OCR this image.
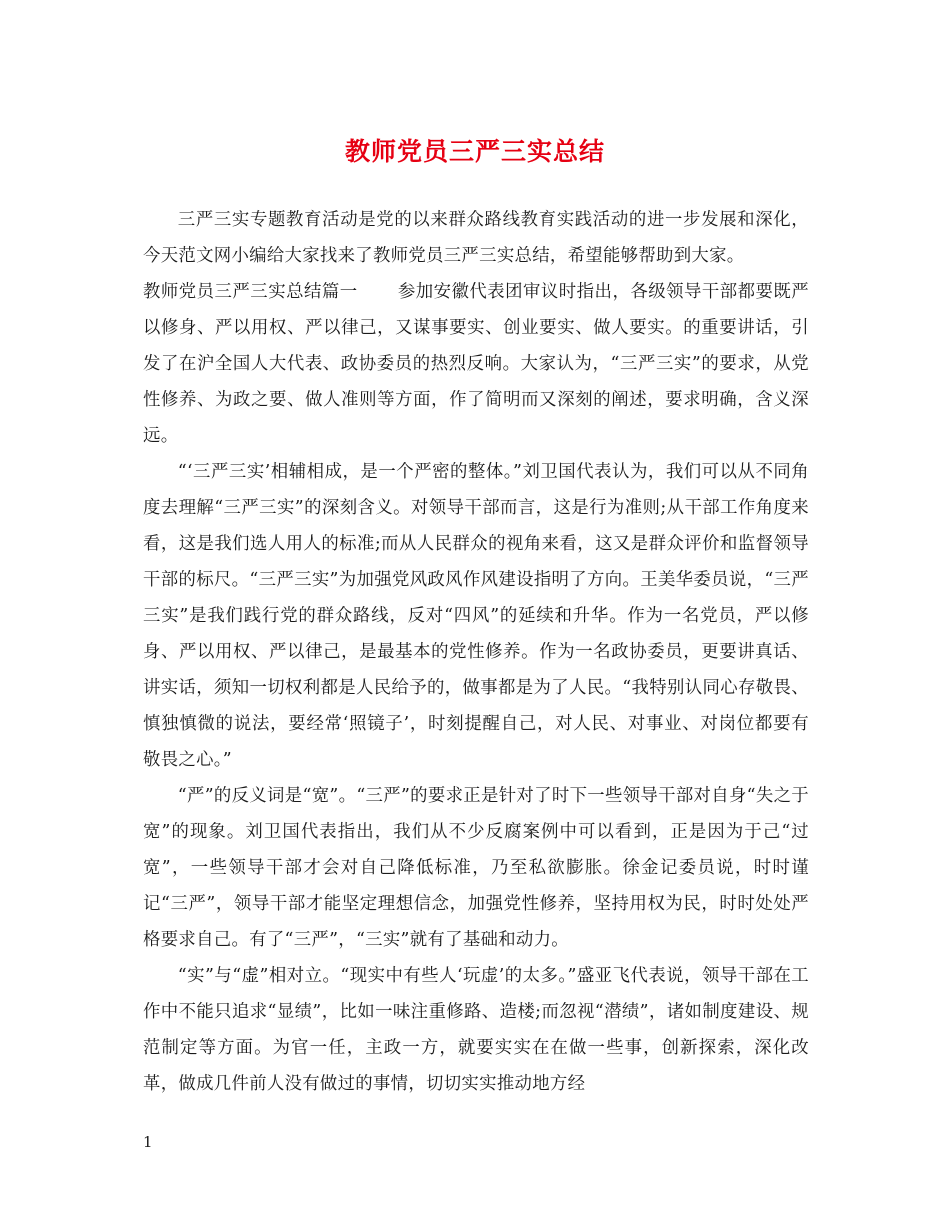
教师党员三严三实总结

三严三实专题教育活动是党的以来群众路线教育实践活动的进一步发展和深化，今天范文网小编给大家找来了教师党员三严三实总结，希望能够帮助到大家。

教师党员三严三实总结篇一 参加安徽代表团审议时指出，各级领导干部都要既严以修身、严以用权、严以律己，又谋事要实、创业要实、做人要实。的重要讲话，引发了在沪全国人大代表、政协委员的热烈反响。大家认为，“三严三实”的要求，从党性修养、为政之要、做人准则等方面，作了简明而又深刻的阐述，要求明确，含义深远。

“‘三严三实’相辅相成，是一个严密的整体。”刘卫国代表认为，我们可以从不同角度去理解“三严三实”的深刻含义。对领导干部而言，这是行为准则;从干部工作角度来看，这是我们选人用人的标准;而从人民群众的视角来看，这又是群众评价和监督领导干部的标尺。“三严三实”为加强党风政风作风建设指明了方向。王美华委员说，“三严三实”是我们践行党的群众路线，反对“四风”的延续和升华。作为一名党员，严以修身、严以用权、严以律己，是最基本的党性修养。作为一名政协委员，更要讲真话、讲实话，须知一切权利都是人民给予的，做事都是为了人民。“我特别认同心存敬畏、慎独慎微的说法，要经常‘照镜子’，时刻提醒自己，对人民、对事业、对岗位都要有敬畏之心。”

“严”的反义词是“宽”。“三严”的要求正是针对了时下一些领导干部对自身“失之于宽”的现象。刘卫国代表指出，我们从不少反腐案例中可以看到，正是因为于己“过宽”，一些领导干部才会对自己降低标准，乃至私欲膨胀。徐金记委员说，时时谨记“三严”，领导干部才能坚定理想信念，加强党性修养，坚持用权为民，时时处处严格要求自己。有了“三严”，“三实”就有了基础和动力。

“实”与“虚”相对立。“现实中有些人‘玩虚’的太多。”盛亚飞代表说，领导干部在工作中不能只追求“显绩”，比如一味注重修路、造楼;而忽视“潜绩”，诸如制度建设、规范制定等方面。为官一任，主政一方，就要实实在在做一些事，创新探索，深化改革，做成几件前人没有做过的事情，切切实实推动地方经

1
